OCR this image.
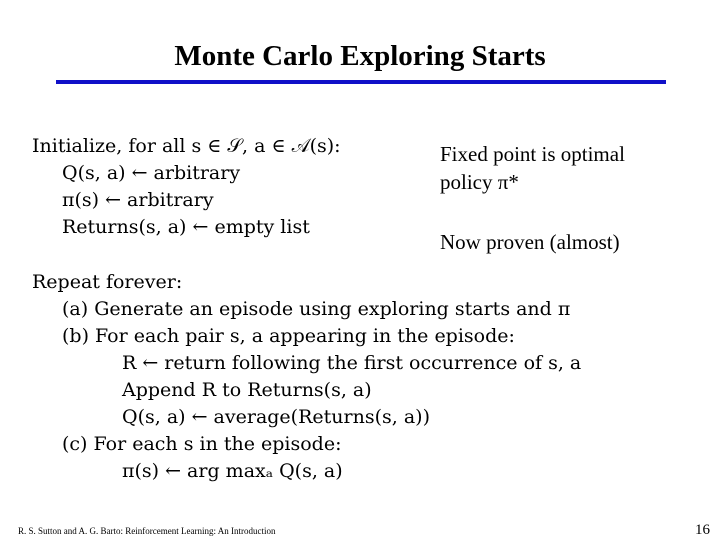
Monte Carlo Exploring Starts
Initialize, for all s ∈ 𝒮, a ∈ 𝒜(s):
Q(s, a) ← arbitrary
π(s) ← arbitrary
Returns(s, a) ← empty list
Repeat forever:
(a) Generate an episode using exploring starts and π
(b) For each pair s, a appearing in the episode:
R ← return following the first occurrence of s, a
Append R to Returns(s, a)
Q(s, a) ← average(Returns(s, a))
(c) For each s in the episode:
π(s) ← arg maxₐ Q(s, a)
Fixed point is optimal
policy π*
Now proven (almost)
R. S. Sutton and A. G. Barto: Reinforcement Learning: An Introduction	16
